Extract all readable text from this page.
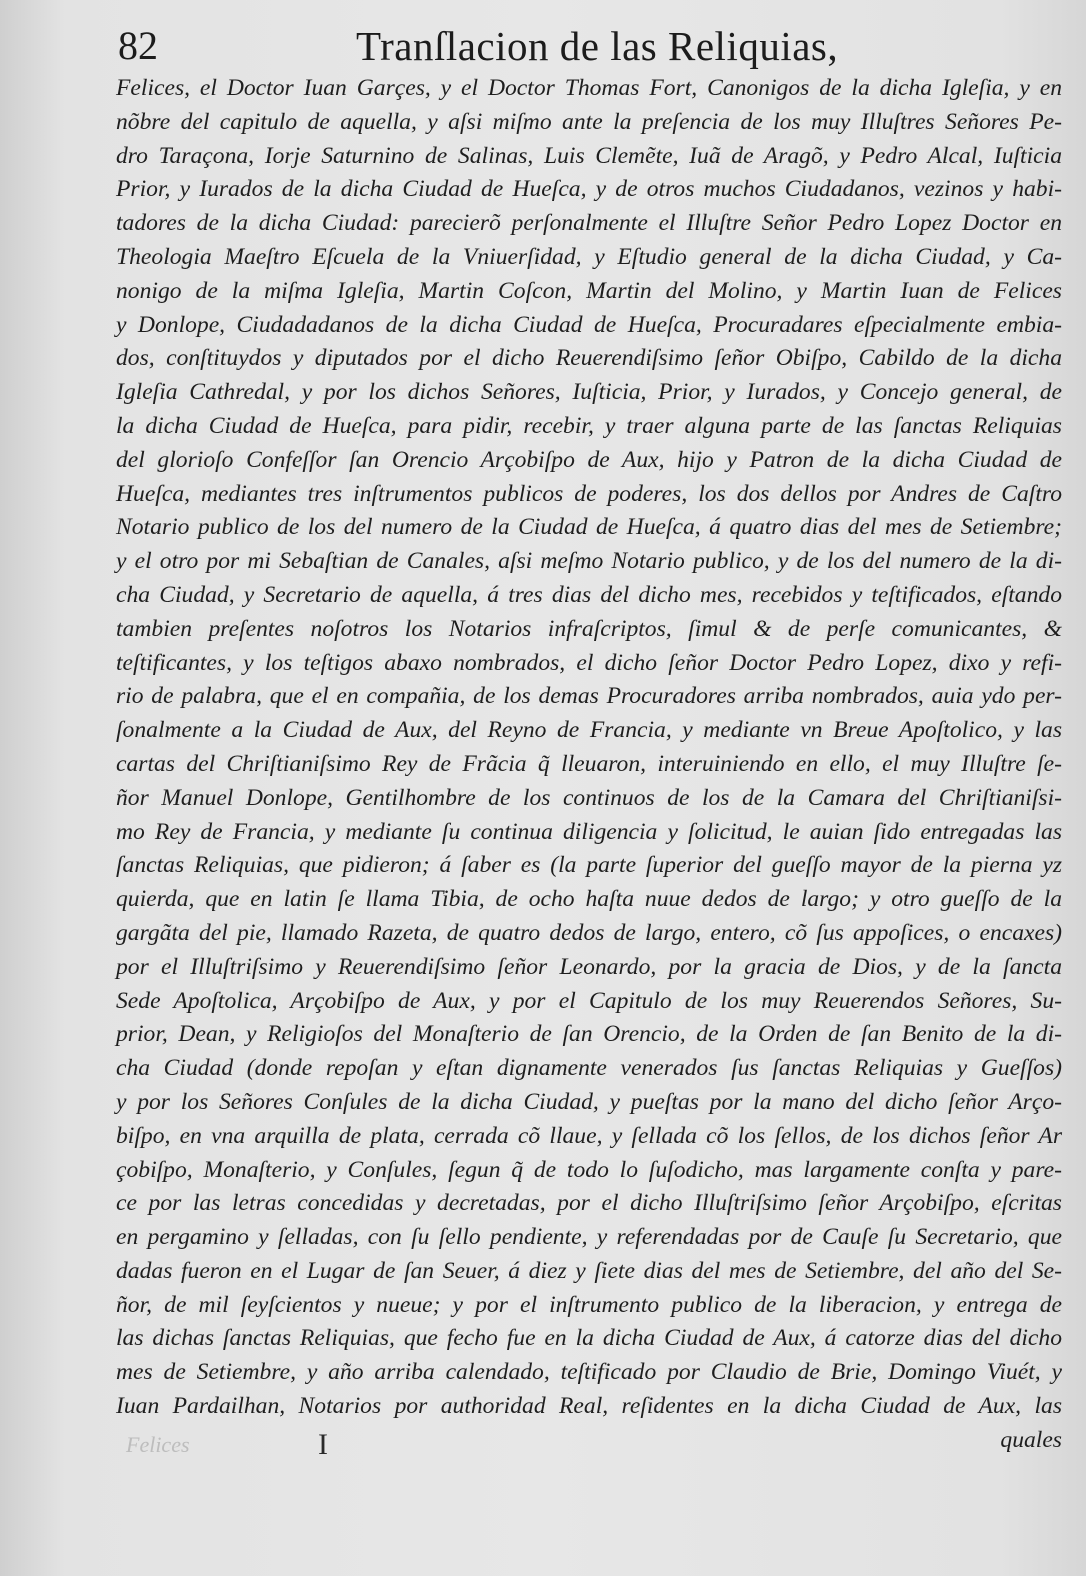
82	Tranſlacion de las Reliquias,
Felices, el Doctor Iuan Garçes, y el Doctor Thomas Fort, Canonigos de la dicha Igleſia, y en
nõbre del capitulo de aquella, y aſsi miſmo ante la preſencia de los muy Illuſtres Señores Pe-
dro Taraçona, Iorje Saturnino de Salinas, Luis Clemẽte, Iuã de Aragõ, y Pedro Alcal, Iuſticia
Prior, y Iurados de la dicha Ciudad de Hueſca, y de otros muchos Ciudadanos, vezinos y habi-
tadores de la dicha Ciudad: parecierõ perſonalmente el Illuſtre Señor Pedro Lopez Doctor en
Theologia Maeſtro Eſcuela de la Vniuerſidad, y Eſtudio general de la dicha Ciudad, y Ca-
nonigo de la miſma Igleſia, Martin Coſcon, Martin del Molino, y Martin Iuan de Felices
y Donlope, Ciudadadanos de la dicha Ciudad de Hueſca, Procuradares eſpecialmente embia-
dos, conſtituydos y diputados por el dicho Reuerendiſsimo ſeñor Obiſpo, Cabildo de la dicha
Igleſia Cathredal, y por los dichos Señores, Iuſticia, Prior, y Iurados, y Concejo general, de
la dicha Ciudad de Hueſca, para pidir, recebir, y traer alguna parte de las ſanctas Reliquias
del glorioſo Confeſſor ſan Orencio Arçobiſpo de Aux, hijo y Patron de la dicha Ciudad de
Hueſca, mediantes tres inſtrumentos publicos de poderes, los dos dellos por Andres de Caſtro
Notario publico de los del numero de la Ciudad de Hueſca, á quatro dias del mes de Setiembre;
y el otro por mi Sebaſtian de Canales, aſsi meſmo Notario publico, y de los del numero de la di-
cha Ciudad, y Secretario de aquella, á tres dias del dicho mes, recebidos y teſtificados, eſtando
tambien preſentes noſotros los Notarios infraſcriptos, ſimul & de perſe comunicantes, &
teſtificantes, y los teſtigos abaxo nombrados, el dicho ſeñor Doctor Pedro Lopez, dixo y refi-
rio de palabra, que el en compañia, de los demas Procuradores arriba nombrados, auia ydo per-
ſonalmente a la Ciudad de Aux, del Reyno de Francia, y mediante vn Breue Apoſtolico, y las
cartas del Chriſtianiſsimo Rey de Frãcia q̃ lleuaron, interuiniendo en ello, el muy Illuſtre ſe-
ñor Manuel Donlope, Gentilhombre de los continuos de los de la Camara del Chriſtianiſsi-
mo Rey de Francia, y mediante ſu continua diligencia y ſolicitud, le auian ſido entregadas las
ſanctas Reliquias, que pidieron; á ſaber es (la parte ſuperior del gueſſo mayor de la pierna yz
quierda, que en latin ſe llama Tibia, de ocho haſta nuue dedos de largo; y otro gueſſo de la
gargãta del pie, llamado Razeta, de quatro dedos de largo, entero, cõ ſus appoſices, o encaxes)
por el Illuſtriſsimo y Reuerendiſsimo ſeñor Leonardo, por la gracia de Dios, y de la ſancta
Sede Apoſtolica, Arçobiſpo de Aux, y por el Capitulo de los muy Reuerendos Señores, Su-
prior, Dean, y Religioſos del Monaſterio de ſan Orencio, de la Orden de ſan Benito de la di-
cha Ciudad (donde repoſan y eſtan dignamente venerados ſus ſanctas Reliquias y Gueſſos)
y por los Señores Conſules de la dicha Ciudad, y pueſtas por la mano del dicho ſeñor Arço-
biſpo, en vna arquilla de plata, cerrada cõ llaue, y ſellada cõ los ſellos, de los dichos ſeñor Ar
çobiſpo, Monaſterio, y Conſules, ſegun q̃ de todo lo ſuſodicho, mas largamente conſta y pare-
ce por las letras concedidas y decretadas, por el dicho Illuſtriſsimo ſeñor Arçobiſpo, eſcritas
en pergamino y ſelladas, con ſu ſello pendiente, y referendadas por de Cauſe ſu Secretario, que
dadas fueron en el Lugar de ſan Seuer, á diez y ſiete dias del mes de Setiembre, del año del Se-
ñor, de mil ſeyſcientos y nueue; y por el inſtrumento publico de la liberacion, y entrega de
las dichas ſanctas Reliquias, que fecho fue en la dicha Ciudad de Aux, á catorze dias del dicho
mes de Setiembre, y año arriba calendado, teſtificado por Claudio de Brie, Domingo Viuét, y
Iuan Pardailhan, Notarios por authoridad Real, reſidentes en la dicha Ciudad de Aux, las
quales
Felices	I
